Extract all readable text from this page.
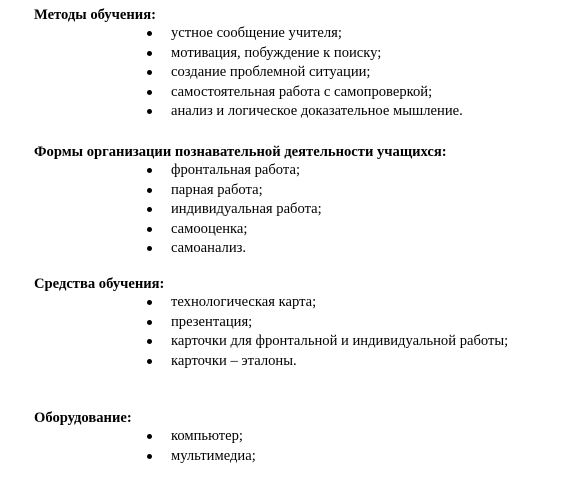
Методы обучения:
устное сообщение учителя;
мотивация, побуждение к поиску;
создание проблемной ситуации;
самостоятельная работа с самопроверкой;
анализ и логическое доказательное мышление.
Формы организации познавательной деятельности учащихся:
фронтальная работа;
парная работа;
индивидуальная работа;
самооценка;
самоанализ.
Средства обучения:
технологическая карта;
презентация;
карточки для фронтальной и индивидуальной работы;
карточки – эталоны.
Оборудование:
компьютер;
мультимедиа;
